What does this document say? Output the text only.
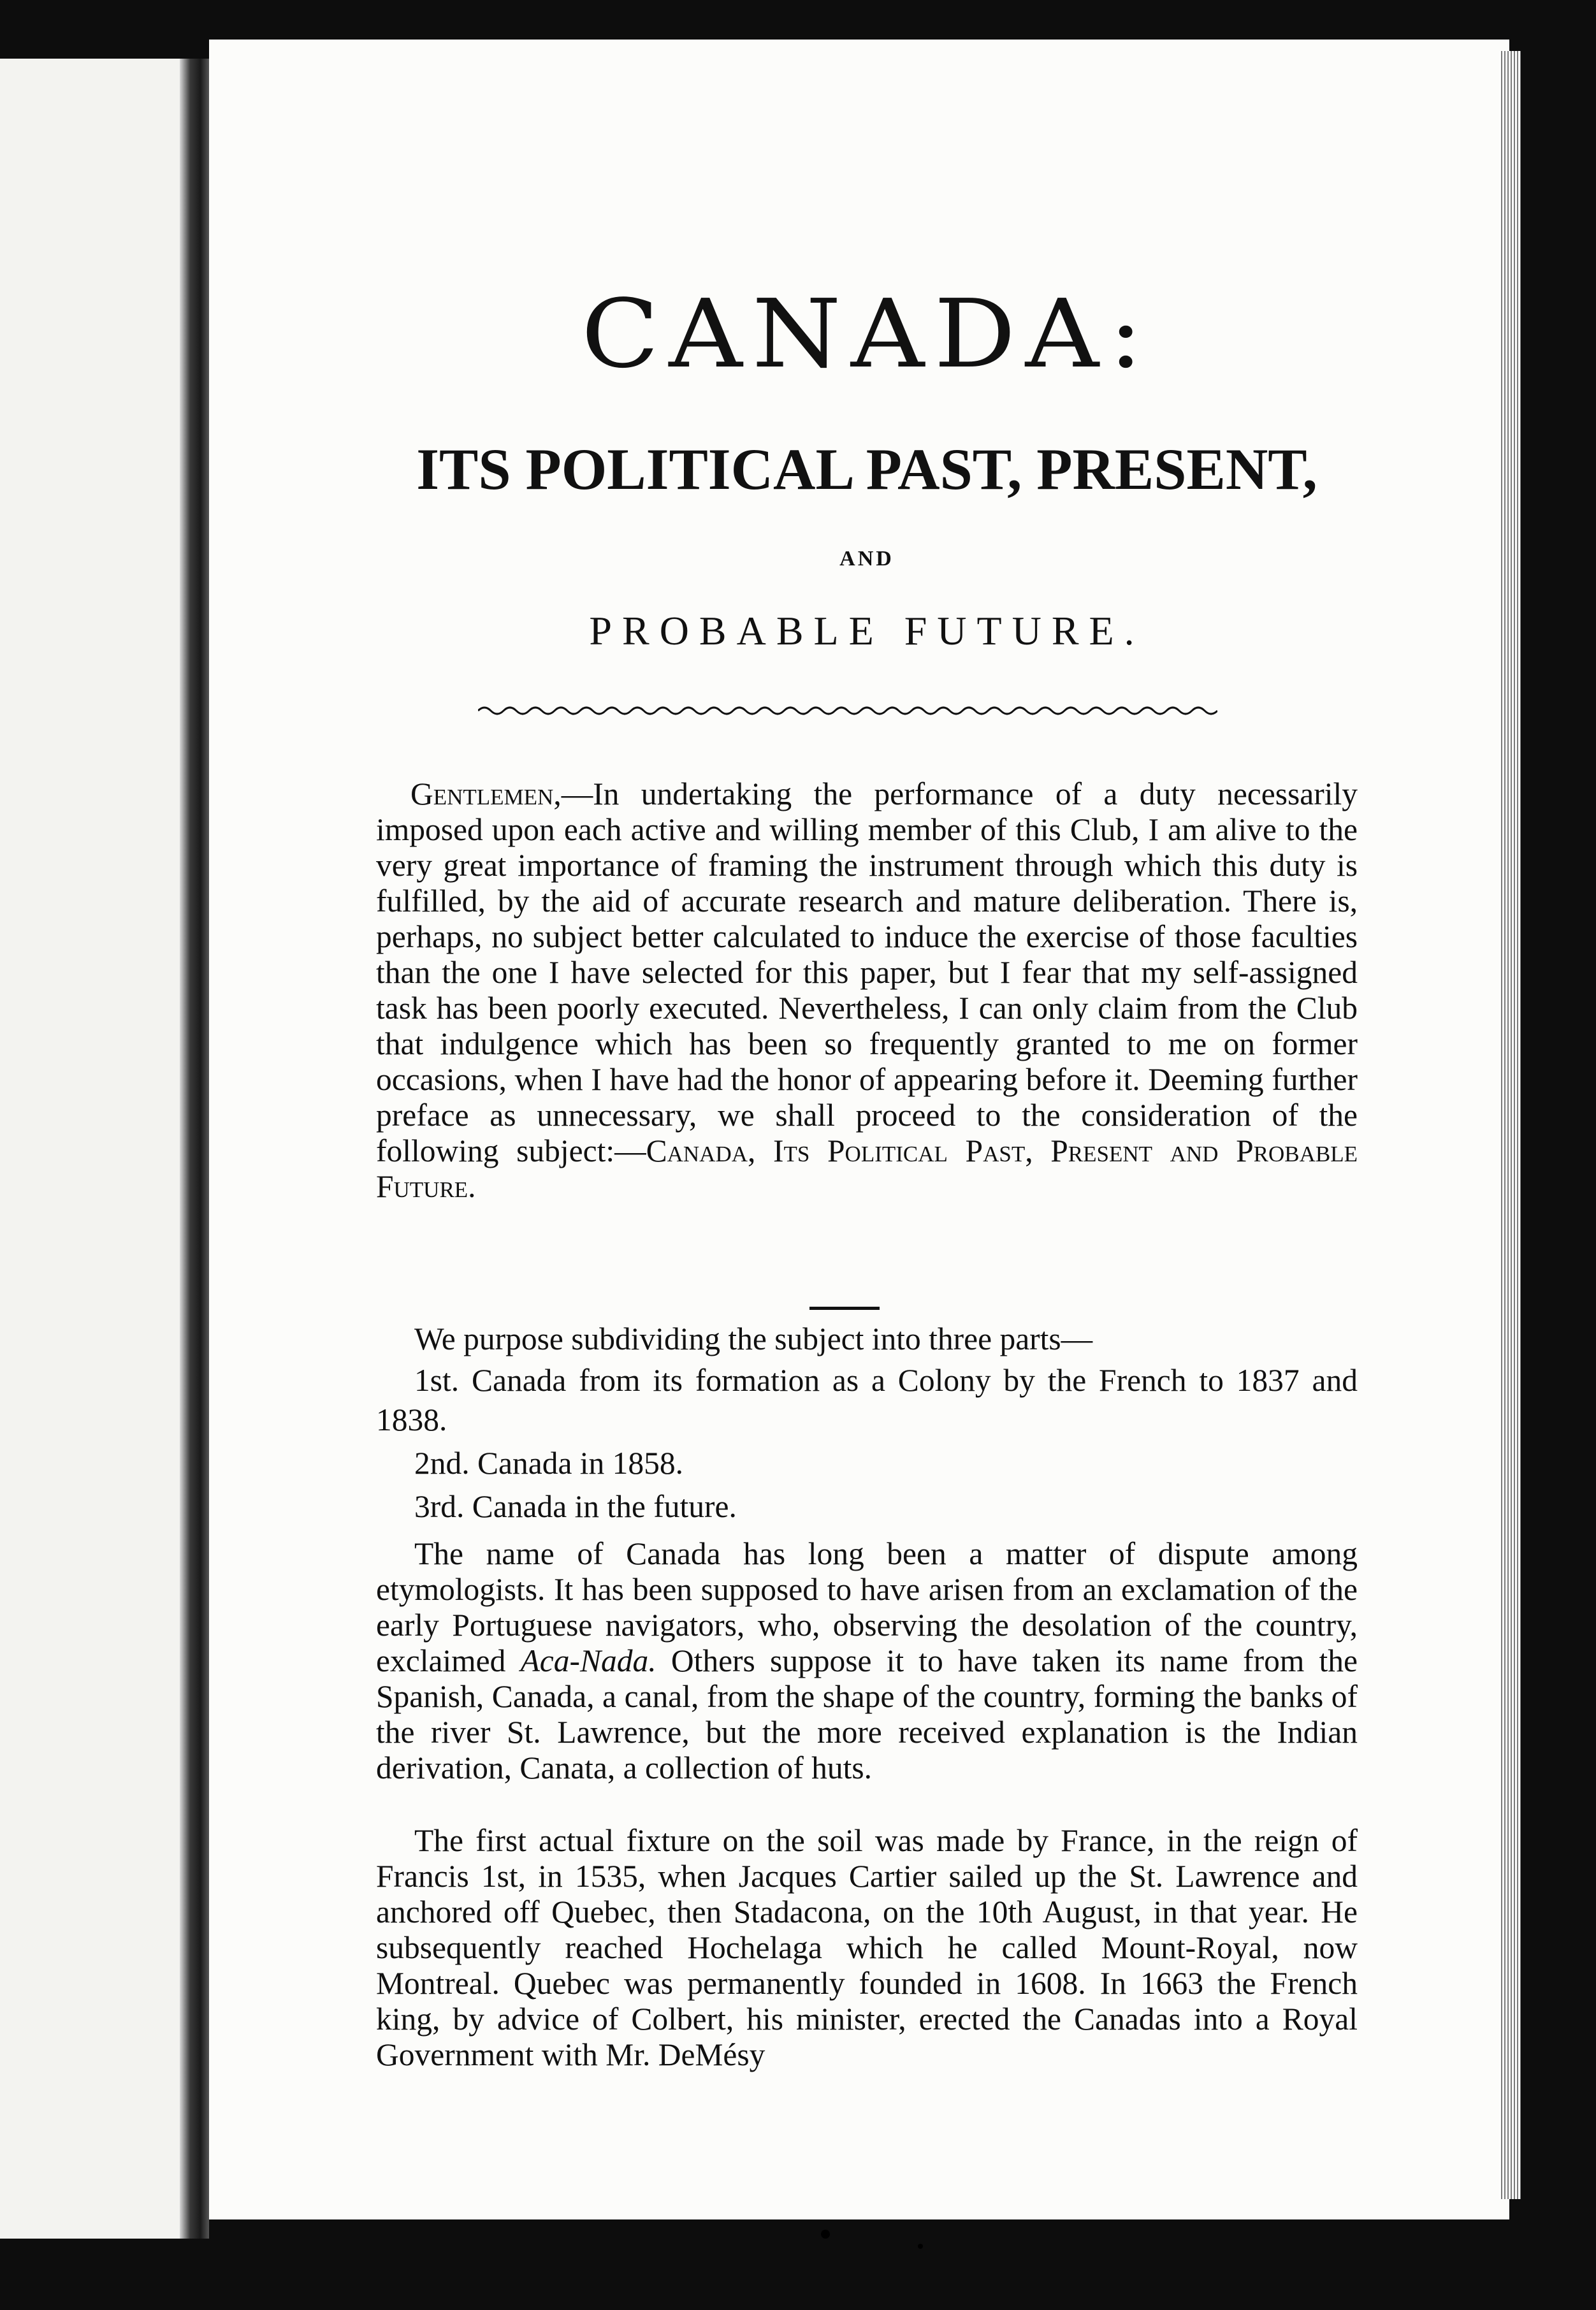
CANADA:
ITS POLITICAL PAST, PRESENT,
AND
PROBABLE FUTURE.

Gentlemen,—In undertaking the performance of a duty necessarily imposed upon each active and willing member of this Club, I am alive to the very great importance of framing the instrument through which this duty is fulfilled, by the aid of accurate research and mature deliberation. There is, perhaps, no subject better calculated to induce the exercise of those faculties than the one I have selected for this paper, but I fear that my self-assigned task has been poorly executed. Nevertheless, I can only claim from the Club that indulgence which has been so frequently granted to me on former occasions, when I have had the honor of appearing before it. Deeming further preface as unnecessary, we shall proceed to the consideration of the following subject:—Canada, Its Political Past, Present and Probable Future.

We purpose subdividing the subject into three parts—

1st. Canada from its formation as a Colony by the French to 1837 and 1838.

2nd. Canada in 1858.

3rd. Canada in the future.

The name of Canada has long been a matter of dispute among etymologists. It has been supposed to have arisen from an exclamation of the early Portuguese navigators, who, observing the desolation of the country, exclaimed Aca-Nada. Others suppose it to have taken its name from the Spanish, Canada, a canal, from the shape of the country, forming the banks of the river St. Lawrence, but the more received explanation is the Indian derivation, Canata, a collection of huts.

The first actual fixture on the soil was made by France, in the reign of Francis 1st, in 1535, when Jacques Cartier sailed up the St. Lawrence and anchored off Quebec, then Stadacona, on the 10th August, in that year. He subsequently reached Hochelaga which he called Mount-Royal, now Montreal. Quebec was permanently founded in 1608. In 1663 the French king, by advice of Colbert, his minister, erected the Canadas into a Royal Government with Mr. DeMésy
